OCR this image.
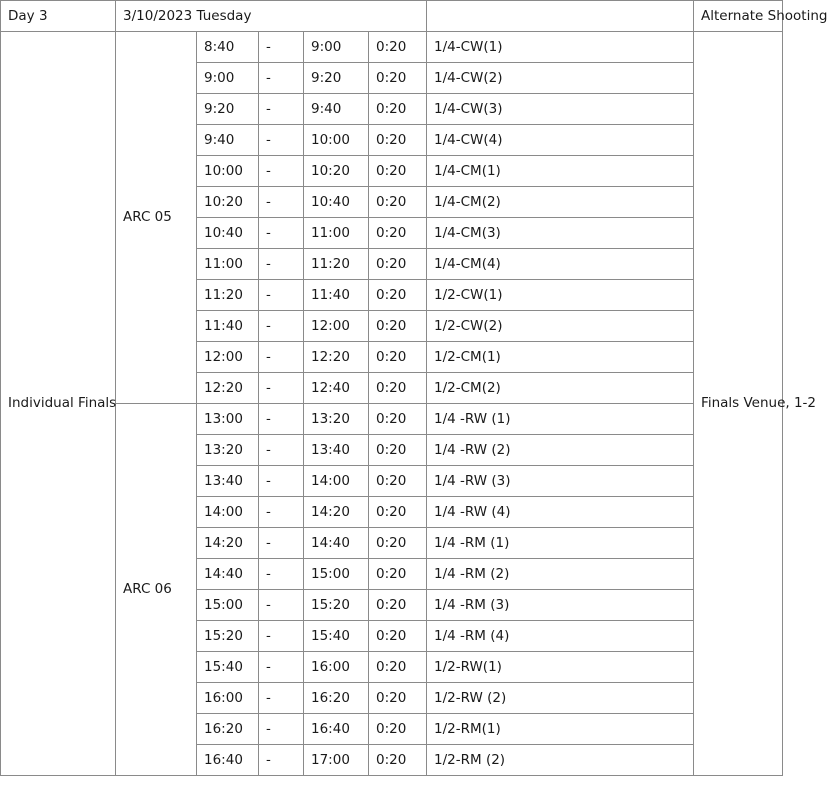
Day 3	3/10/2023 Tuesday						Alternate Shooting
Individual Finals	ARC 05	8:40	-	9:00	0:20	1/4-CW(1)	Finals Venue, 1-2
		9:00	-	9:20	0:20	1/4-CW(2)	
		9:20	-	9:40	0:20	1/4-CW(3)	
		9:40	-	10:00	0:20	1/4-CW(4)	
		10:00	-	10:20	0:20	1/4-CM(1)	
		10:20	-	10:40	0:20	1/4-CM(2)	
		10:40	-	11:00	0:20	1/4-CM(3)	
		11:00	-	11:20	0:20	1/4-CM(4)	
		11:20	-	11:40	0:20	1/2-CW(1)	
		11:40	-	12:00	0:20	1/2-CW(2)	
		12:00	-	12:20	0:20	1/2-CM(1)	
		12:20	-	12:40	0:20	1/2-CM(2)	
	ARC 06	13:00	-	13:20	0:20	1/4 -RW (1)	
		13:20	-	13:40	0:20	1/4 -RW (2)	
		13:40	-	14:00	0:20	1/4 -RW (3)	
		14:00	-	14:20	0:20	1/4 -RW (4)	
		14:20	-	14:40	0:20	1/4 -RM (1)	
		14:40	-	15:00	0:20	1/4 -RM (2)	
		15:00	-	15:20	0:20	1/4 -RM (3)	
		15:20	-	15:40	0:20	1/4 -RM (4)	
		15:40	-	16:00	0:20	1/2-RW(1)	
		16:00	-	16:20	0:20	1/2-RW (2)	
		16:20	-	16:40	0:20	1/2-RM(1)	
		16:40	-	17:00	0:20	1/2-RM (2)	
